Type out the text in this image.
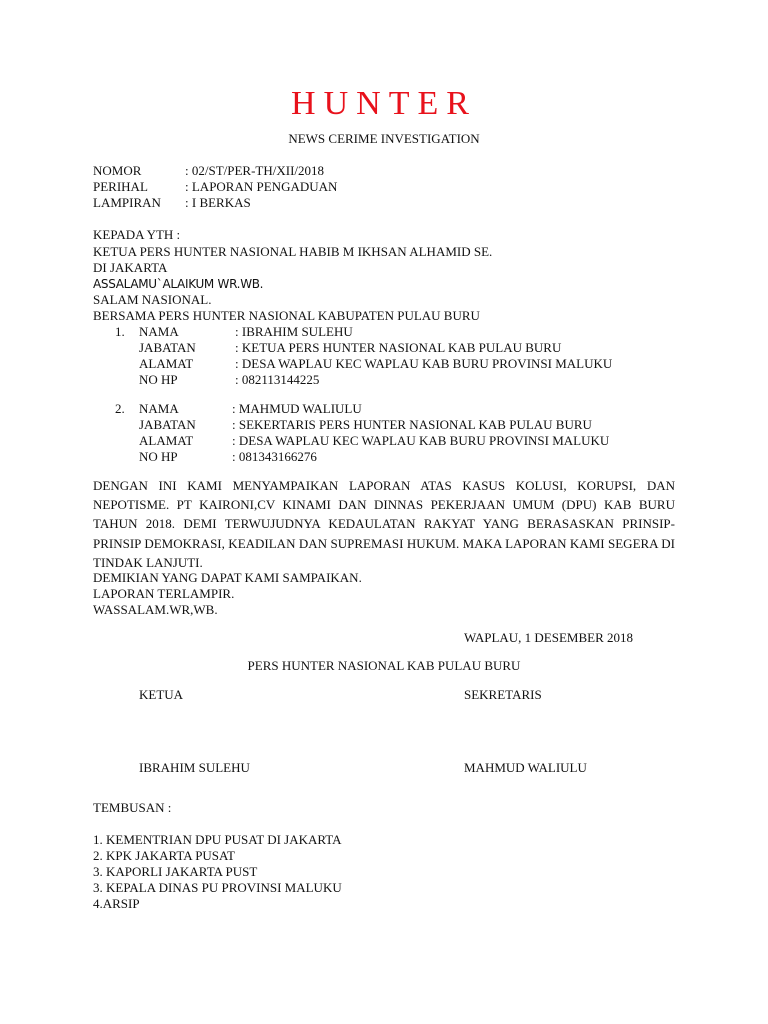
HUNTER
NEWS CERIME INVESTIGATION
NOMOR	: 02/ST/PER-TH/XII/2018
PERIHAL	: LAPORAN PENGADUAN
LAMPIRAN : I BERKAS
KEPADA YTH :
KETUA PERS HUNTER NASIONAL HABIB M IKHSAN ALHAMID SE.
DI JAKARTA
ASSALAMU`ALAIKUM WR.WB.
SALAM NASIONAL.
BERSAMA PERS HUNTER NASIONAL KABUPATEN PULAU BURU
1. NAMA	: IBRAHIM SULEHU
JABATAN	: KETUA PERS HUNTER NASIONAL KAB PULAU BURU
ALAMAT	: DESA WAPLAU KEC WAPLAU KAB BURU PROVINSI MALUKU
NO HP	: 082113144225
2. NAMA	: MAHMUD WALIULU
JABATAN	: SEKERTARIS PERS HUNTER NASIONAL KAB PULAU BURU
ALAMAT	: DESA WAPLAU KEC WAPLAU KAB BURU PROVINSI MALUKU
NO HP	: 081343166276
DENGAN INI KAMI MENYAMPAIKAN LAPORAN ATAS KASUS KOLUSI, KORUPSI, DAN NEPOTISME. PT KAIRONI,CV KINAMI DAN DINNAS PEKERJAAN UMUM (DPU) KAB BURU TAHUN 2018. DEMI TERWUJUDNYA KEDAULATAN RAKYAT YANG BERASASKAN PRINSIP-PRINSIP DEMOKRASI, KEADILAN DAN SUPREMASI HUKUM. MAKA LAPORAN KAMI SEGERA DI TINDAK LANJUTI.
DEMIKIAN YANG DAPAT KAMI SAMPAIKAN.
LAPORAN TERLAMPIR.
WASSALAM.WR,WB.
WAPLAU, 1 DESEMBER 2018
PERS HUNTER NASIONAL KAB PULAU BURU
KETUA	SEKRETARIS
IBRAHIM SULEHU	MAHMUD WALIULU
TEMBUSAN :
1. KEMENTRIAN DPU PUSAT DI JAKARTA
2. KPK JAKARTA PUSAT
3. KAPORLI JAKARTA PUST
3. KEPALA DINAS PU PROVINSI MALUKU
4.ARSIP
